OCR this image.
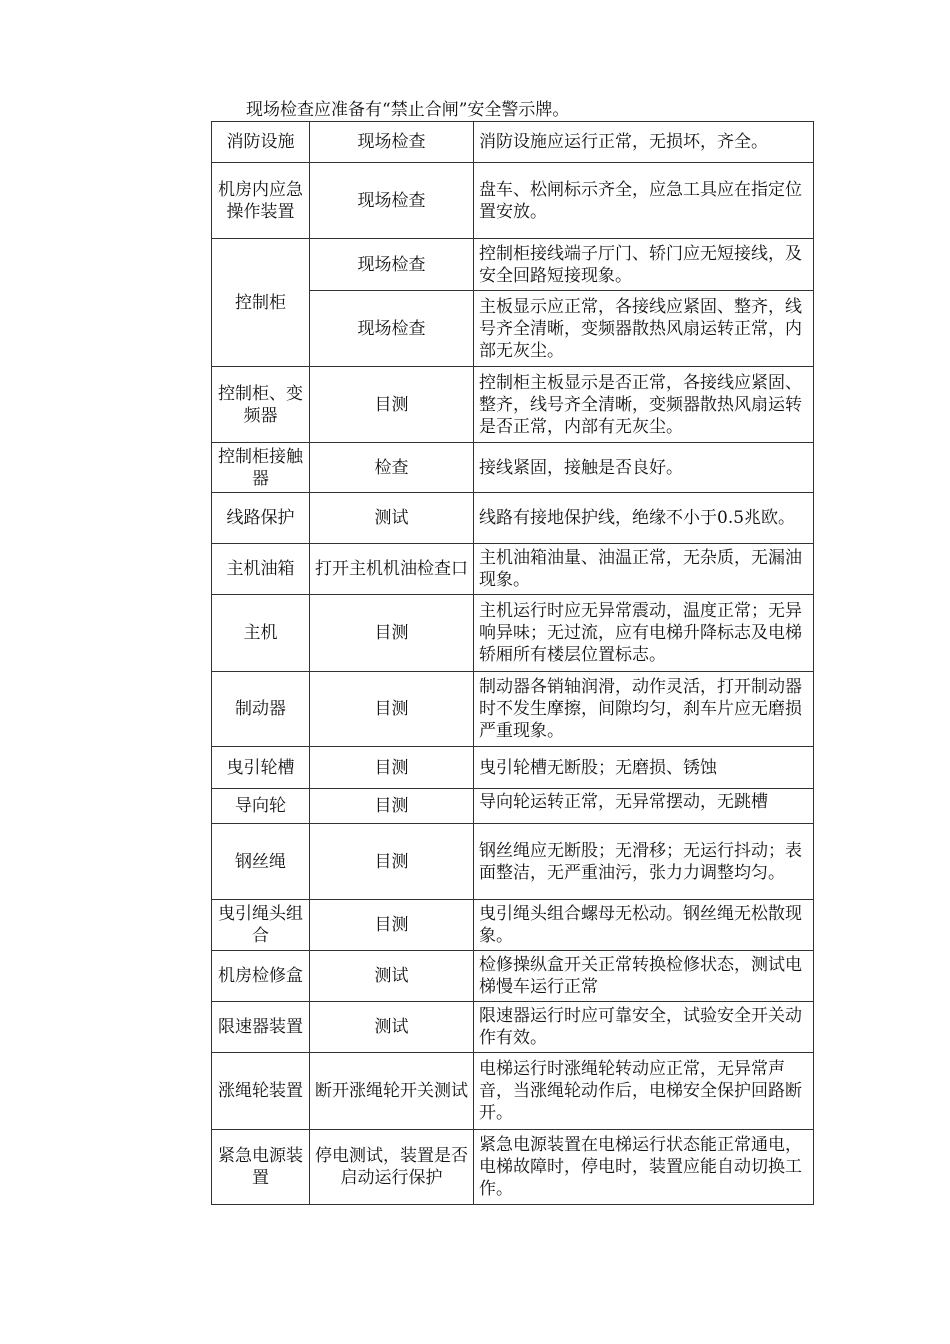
现场检查应准备有“禁止合闸”安全警示牌。
消防设施	现场检查	消防设施应运行正常，无损坏，齐全。
机房内应急操作装置	现场检查	盘车、松闸标示齐全，应急工具应在指定位置安放。
控制柜	现场检查	控制柜接线端子厅门、轿门应无短接线，及安全回路短接现象。
	现场检查	主板显示应正常，各接线应紧固、整齐，线号齐全清晰，变频器散热风扇运转正常，内部无灰尘。
控制柜、变频器	目测	控制柜主板显示是否正常，各接线应紧固、整齐，线号齐全清晰，变频器散热风扇运转是否正常，内部有无灰尘。
控制柜接触器	检查	接线紧固，接触是否良好。
线路保护	测试	线路有接地保护线，绝缘不小于0.5兆欧。
主机油箱	打开主机机油检查口	主机油箱油量、油温正常，无杂质，无漏油现象。
主机	目测	主机运行时应无异常震动，温度正常；无异响异味；无过流，应有电梯升降标志及电梯轿厢所有楼层位置标志。
制动器	目测	制动器各销轴润滑，动作灵活，打开制动器时不发生摩擦，间隙均匀，刹车片应无磨损严重现象。
曳引轮槽	目测	曳引轮槽无断股；无磨损、锈蚀
导向轮	目测	导向轮运转正常，无异常摆动，无跳槽

钢丝绳	目测	钢丝绳应无断股；无滑移；无运行抖动；表面整洁，无严重油污，张力力调整均匀。
曳引绳头组合	目测	曳引绳头组合螺母无松动。钢丝绳无松散现象。
机房检修盒	测试	检修操纵盒开关正常转换检修状态，测试电梯慢车运行正常
限速器装置	测试	限速器运行时应可靠安全，试验安全开关动作有效。
涨绳轮装置	断开涨绳轮开关测试	电梯运行时涨绳轮转动应正常，无异常声音，当涨绳轮动作后，电梯安全保护回路断开。
紧急电源装置	停电测试，装置是否启动运行保护	紧急电源装置在电梯运行状态能正常通电，电梯故障时，停电时，装置应能自动切换工作。
